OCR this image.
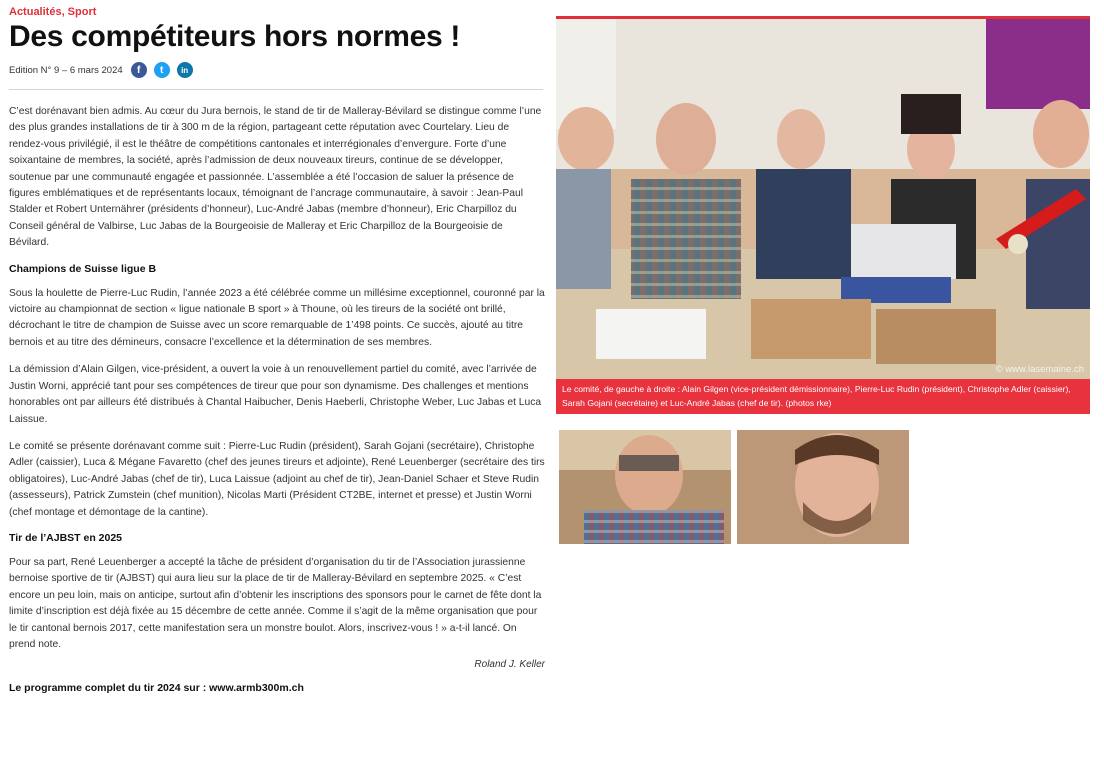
Actualités, Sport
Des compétiteurs hors normes !
Edition N° 9 – 6 mars 2024 f t in

C’est dorénavant bien admis. Au cœur du Jura bernois, le stand de tir de Malleray-Bévilard se distingue comme l’une des plus grandes installations de tir à 300 m de la région, partageant cette réputation avec Courtelary. Lieu de rendez-vous privilégié, il est le théâtre de compétitions cantonales et interrégionales d’envergure. Forte d’une soixantaine de membres, la société, après l’admission de deux nouveaux tireurs, continue de se développer, soutenue par une communauté engagée et passionnée. L’assemblée a été l’occasion de saluer la présence de figures emblématiques et de représentants locaux, témoignant de l’ancrage communautaire, à savoir : Jean-Paul Stalder et Robert Unternährer (présidents d’honneur), Luc-André Jabas (membre d’honneur), Eric Charpilloz du Conseil général de Valbirse, Luc Jabas de la Bourgeoisie de Malleray et Eric Charpilloz de la Bourgeoisie de Bévilard.

Champions de Suisse ligue B

Sous la houlette de Pierre-Luc Rudin, l’année 2023 a été célébrée comme un millésime exceptionnel, couronné par la victoire au championnat de section « ligue nationale B sport » à Thoune, où les tireurs de la société ont brillé, décrochant le titre de champion de Suisse avec un score remarquable de 1’498 points. Ce succès, ajouté au titre bernois et au titre des démineurs, consacre l’excellence et la détermination de ses membres.

La démission d’Alain Gilgen, vice-président, a ouvert la voie à un renouvellement partiel du comité, avec l’arrivée de Justin Worni, apprécié tant pour ses compétences de tireur que pour son dynamisme. Des challenges et mentions honorables ont par ailleurs été distribués à Chantal Haibucher, Denis Haeberli, Christophe Weber, Luc Jabas et Luca Laissue.

Le comité se présente dorénavant comme suit : Pierre-Luc Rudin (président), Sarah Gojani (secrétaire), Christophe Adler (caissier), Luca & Mégane Favaretto (chef des jeunes tireurs et adjointe), René Leuenberger (secrétaire des tirs obligatoires), Luc-André Jabas (chef de tir), Luca Laissue (adjoint au chef de tir), Jean-Daniel Schaer et Steve Rudin (assesseurs), Patrick Zumstein (chef munition), Nicolas Marti (Président CT2BE, internet et presse) et Justin Worni (chef montage et démontage de la cantine).

Tir de l’AJBST en 2025

Pour sa part, René Leuenberger a accepté la tâche de président d’organisation du tir de l’Association jurassienne bernoise sportive de tir (AJBST) qui aura lieu sur la place de tir de Malleray-Bévilard en septembre 2025. « C’est encore un peu loin, mais on anticipe, surtout afin d’obtenir les inscriptions des sponsors pour le carnet de fête dont la limite d’inscription est déjà fixée au 15 décembre de cette année. Comme il s’agit de la même organisation que pour le tir cantonal bernois 2017, cette manifestation sera un monstre boulot. Alors, inscrivez-vous ! » a-t-il lancé. On prend note.

Roland J. Keller

Le programme complet du tir 2024 sur : www.armb300m.ch

© www.lasemaine.ch
Le comité, de gauche à droite : Alain Gilgen (vice-président démissionnaire), Pierre-Luc Rudin (président), Christophe Adler (caissier), Sarah Gojani (secrétaire) et Luc-André Jabas (chef de tir). (photos rke)
